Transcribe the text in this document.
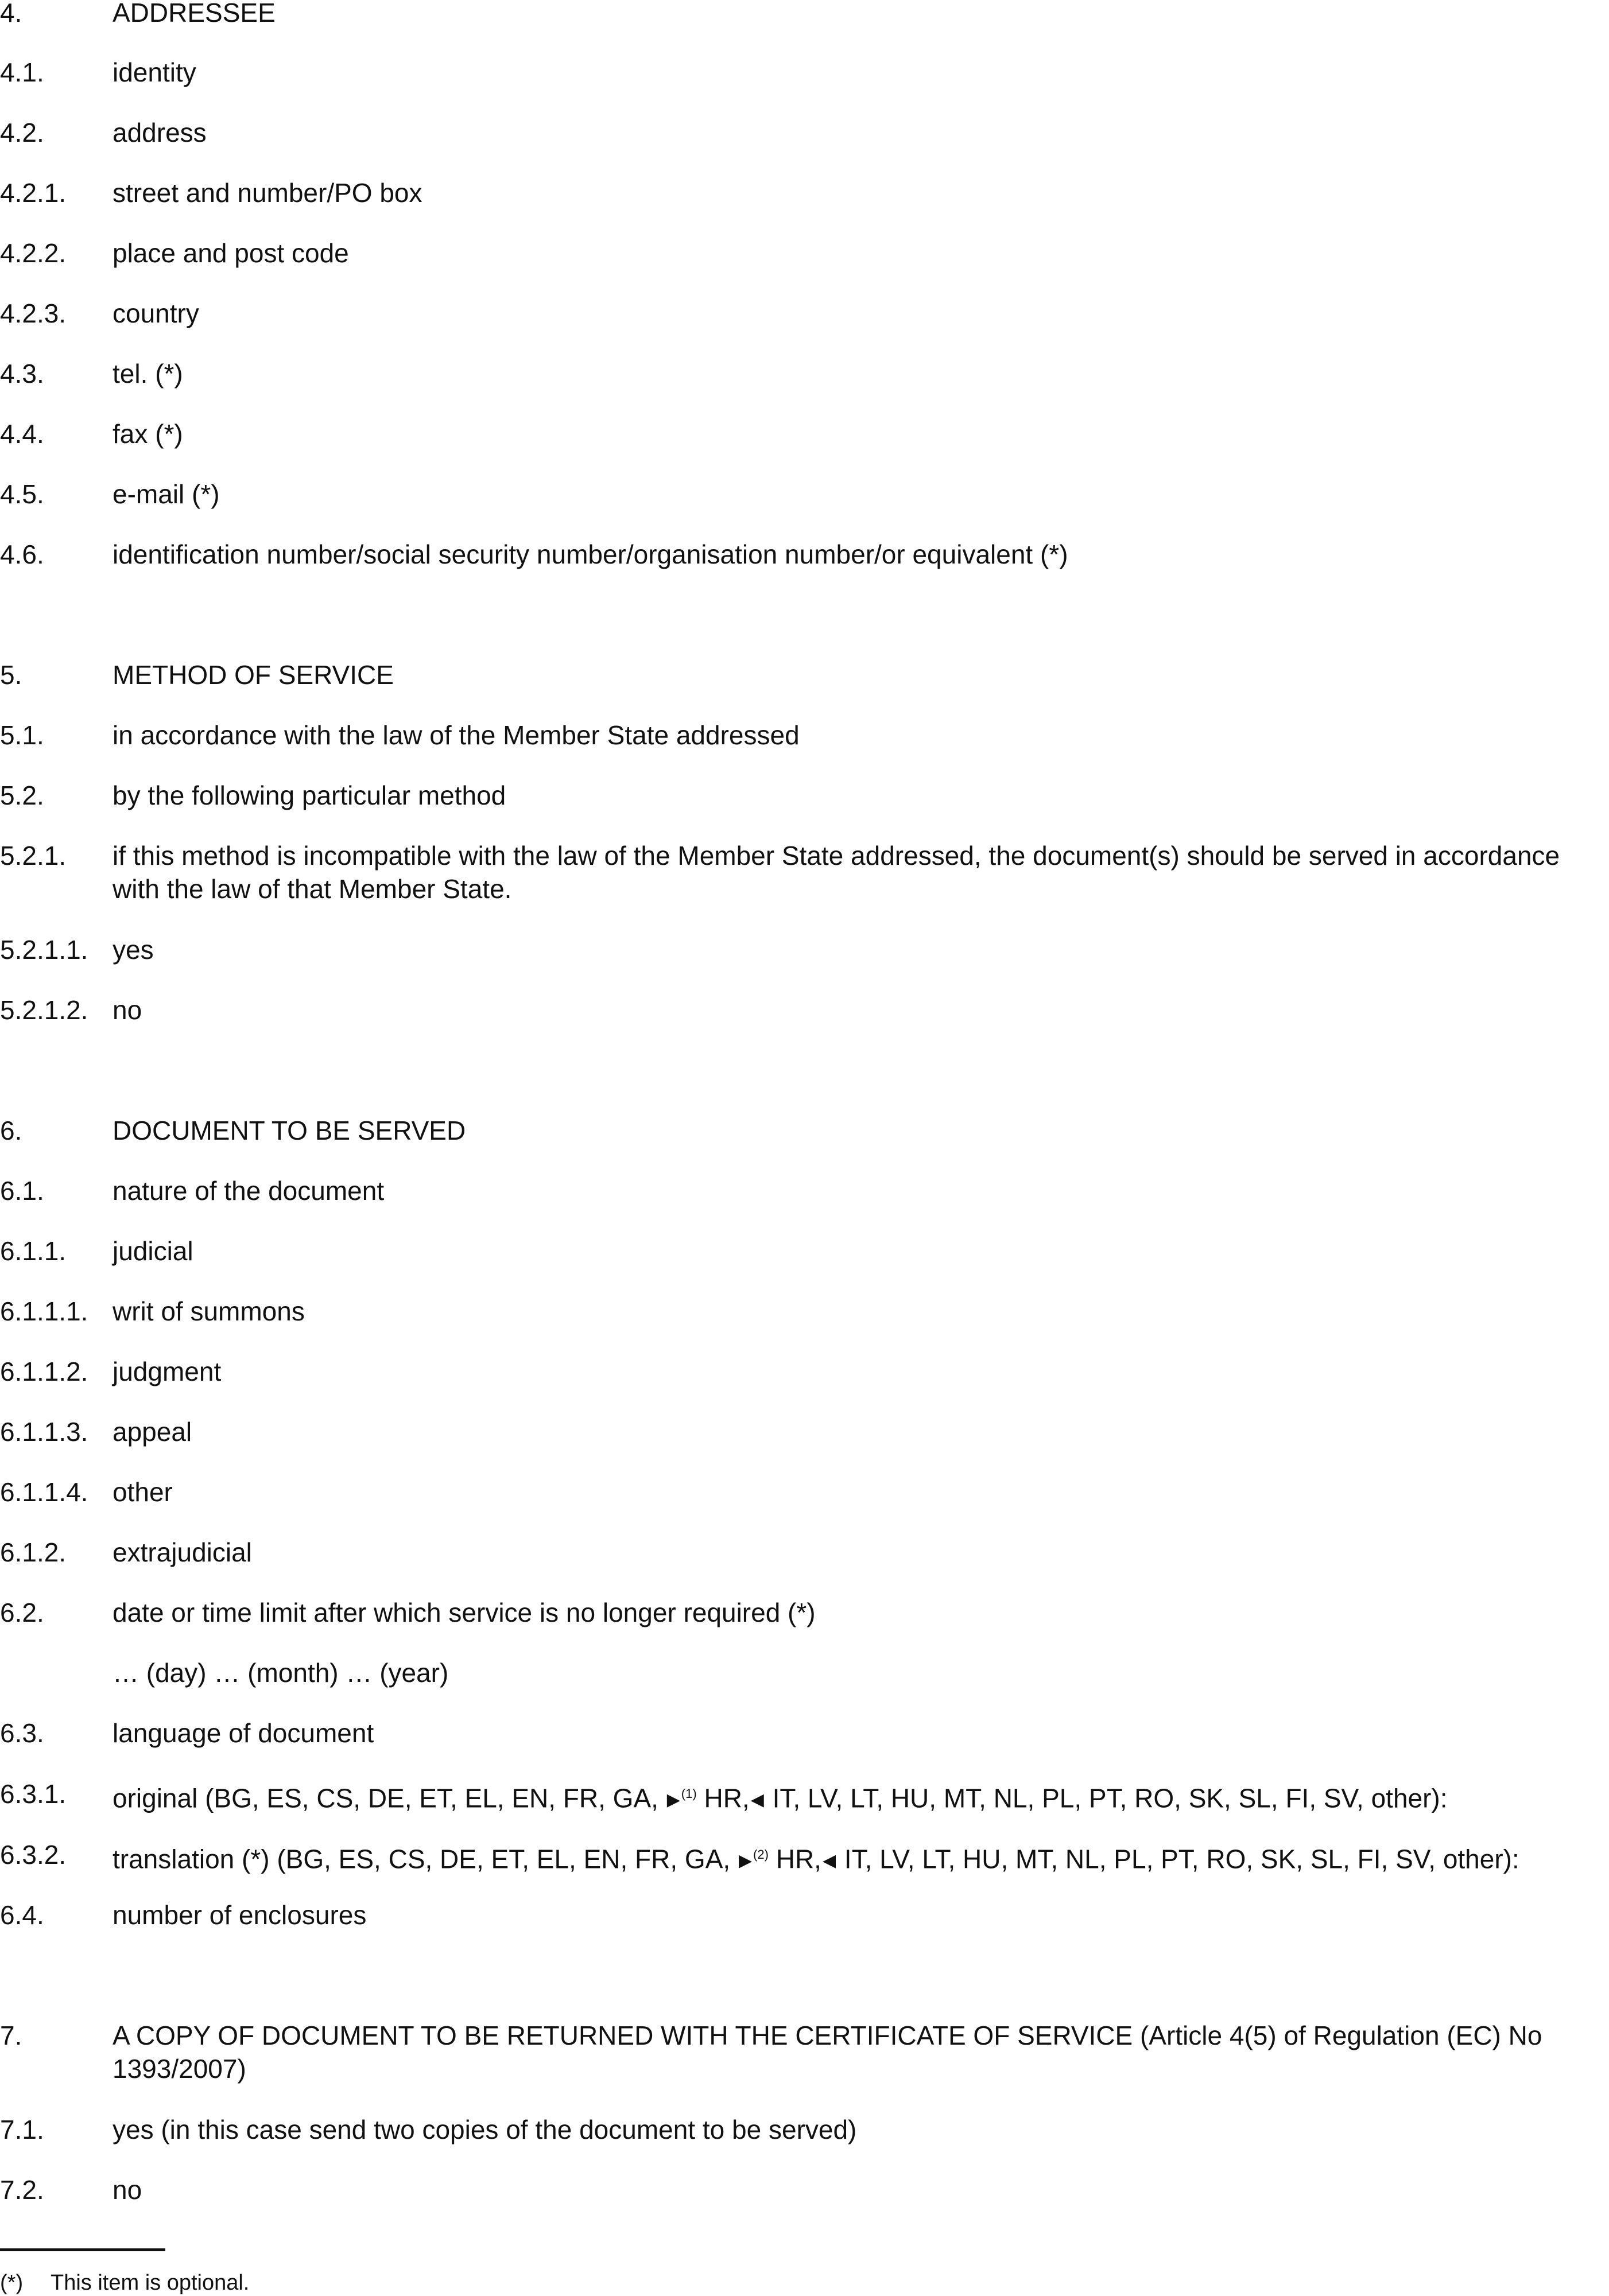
4.	ADDRESSEE
4.1.	identity
4.2.	address
4.2.1. street and number/PO box
4.2.2. place and post code
4.2.3. country
4.3.	tel. (*)
4.4.	fax (*)
4.5.	e-mail (*)
4.6.	identification number/social security number/organisation number/or equivalent (*)
5.	METHOD OF SERVICE
5.1.	in accordance with the law of the Member State addressed
5.2.	by the following particular method
5.2.1. if this method is incompatible with the law of the Member State addressed, the document(s) should be served in accordance with the law of that Member State.
5.2.1.1. yes
5.2.1.2. no
6.	DOCUMENT TO BE SERVED
6.1.	nature of the document
6.1.1. judicial
6.1.1.1. writ of summons
6.1.1.2. judgment
6.1.1.3. appeal
6.1.1.4. other
6.1.2. extrajudicial
6.2.	date or time limit after which service is no longer required (*)
… (day) … (month) … (year)
6.3.	language of document
6.3.1. original (BG, ES, CS, DE, ET, EL, EN, FR, GA, ▶$^{(1)}$ HR,◀ IT, LV, LT, HU, MT, NL, PL, PT, RO, SK, SL, FI, SV, other):
6.3.2. translation (*) (BG, ES, CS, DE, ET, EL, EN, FR, GA, ▶$^{(2)}$ HR,◀ IT, LV, LT, HU, MT, NL, PL, PT, RO, SK, SL, FI, SV, other):
6.4.	number of enclosures
7.	A COPY OF DOCUMENT TO BE RETURNED WITH THE CERTIFICATE OF SERVICE (Article 4(5) of Regulation (EC) No 1393/2007)
7.1.	yes (in this case send two copies of the document to be served)
7.2.	no
(*) This item is optional.
